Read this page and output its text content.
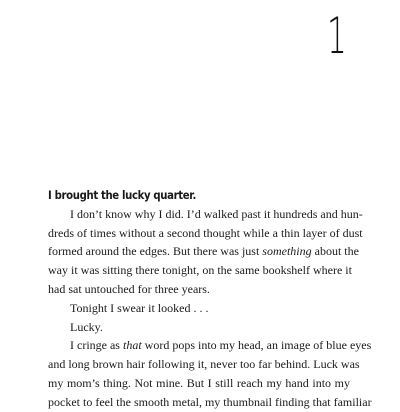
1
I brought the lucky quarter.
I don’t know why I did. I’d walked past it hundreds and hun-
dreds of times without a second thought while a thin layer of dust
formed around the edges. But there was just something about the
way it was sitting there tonight, on the same bookshelf where it
had sat untouched for three years.
Tonight I swear it looked . . .
Lucky.
I cringe as that word pops into my head, an image of blue eyes
and long brown hair following it, never too far behind. Luck was
my mom’s thing. Not mine. But I still reach my hand into my
pocket to feel the smooth metal, my thumbnail finding that familiar
